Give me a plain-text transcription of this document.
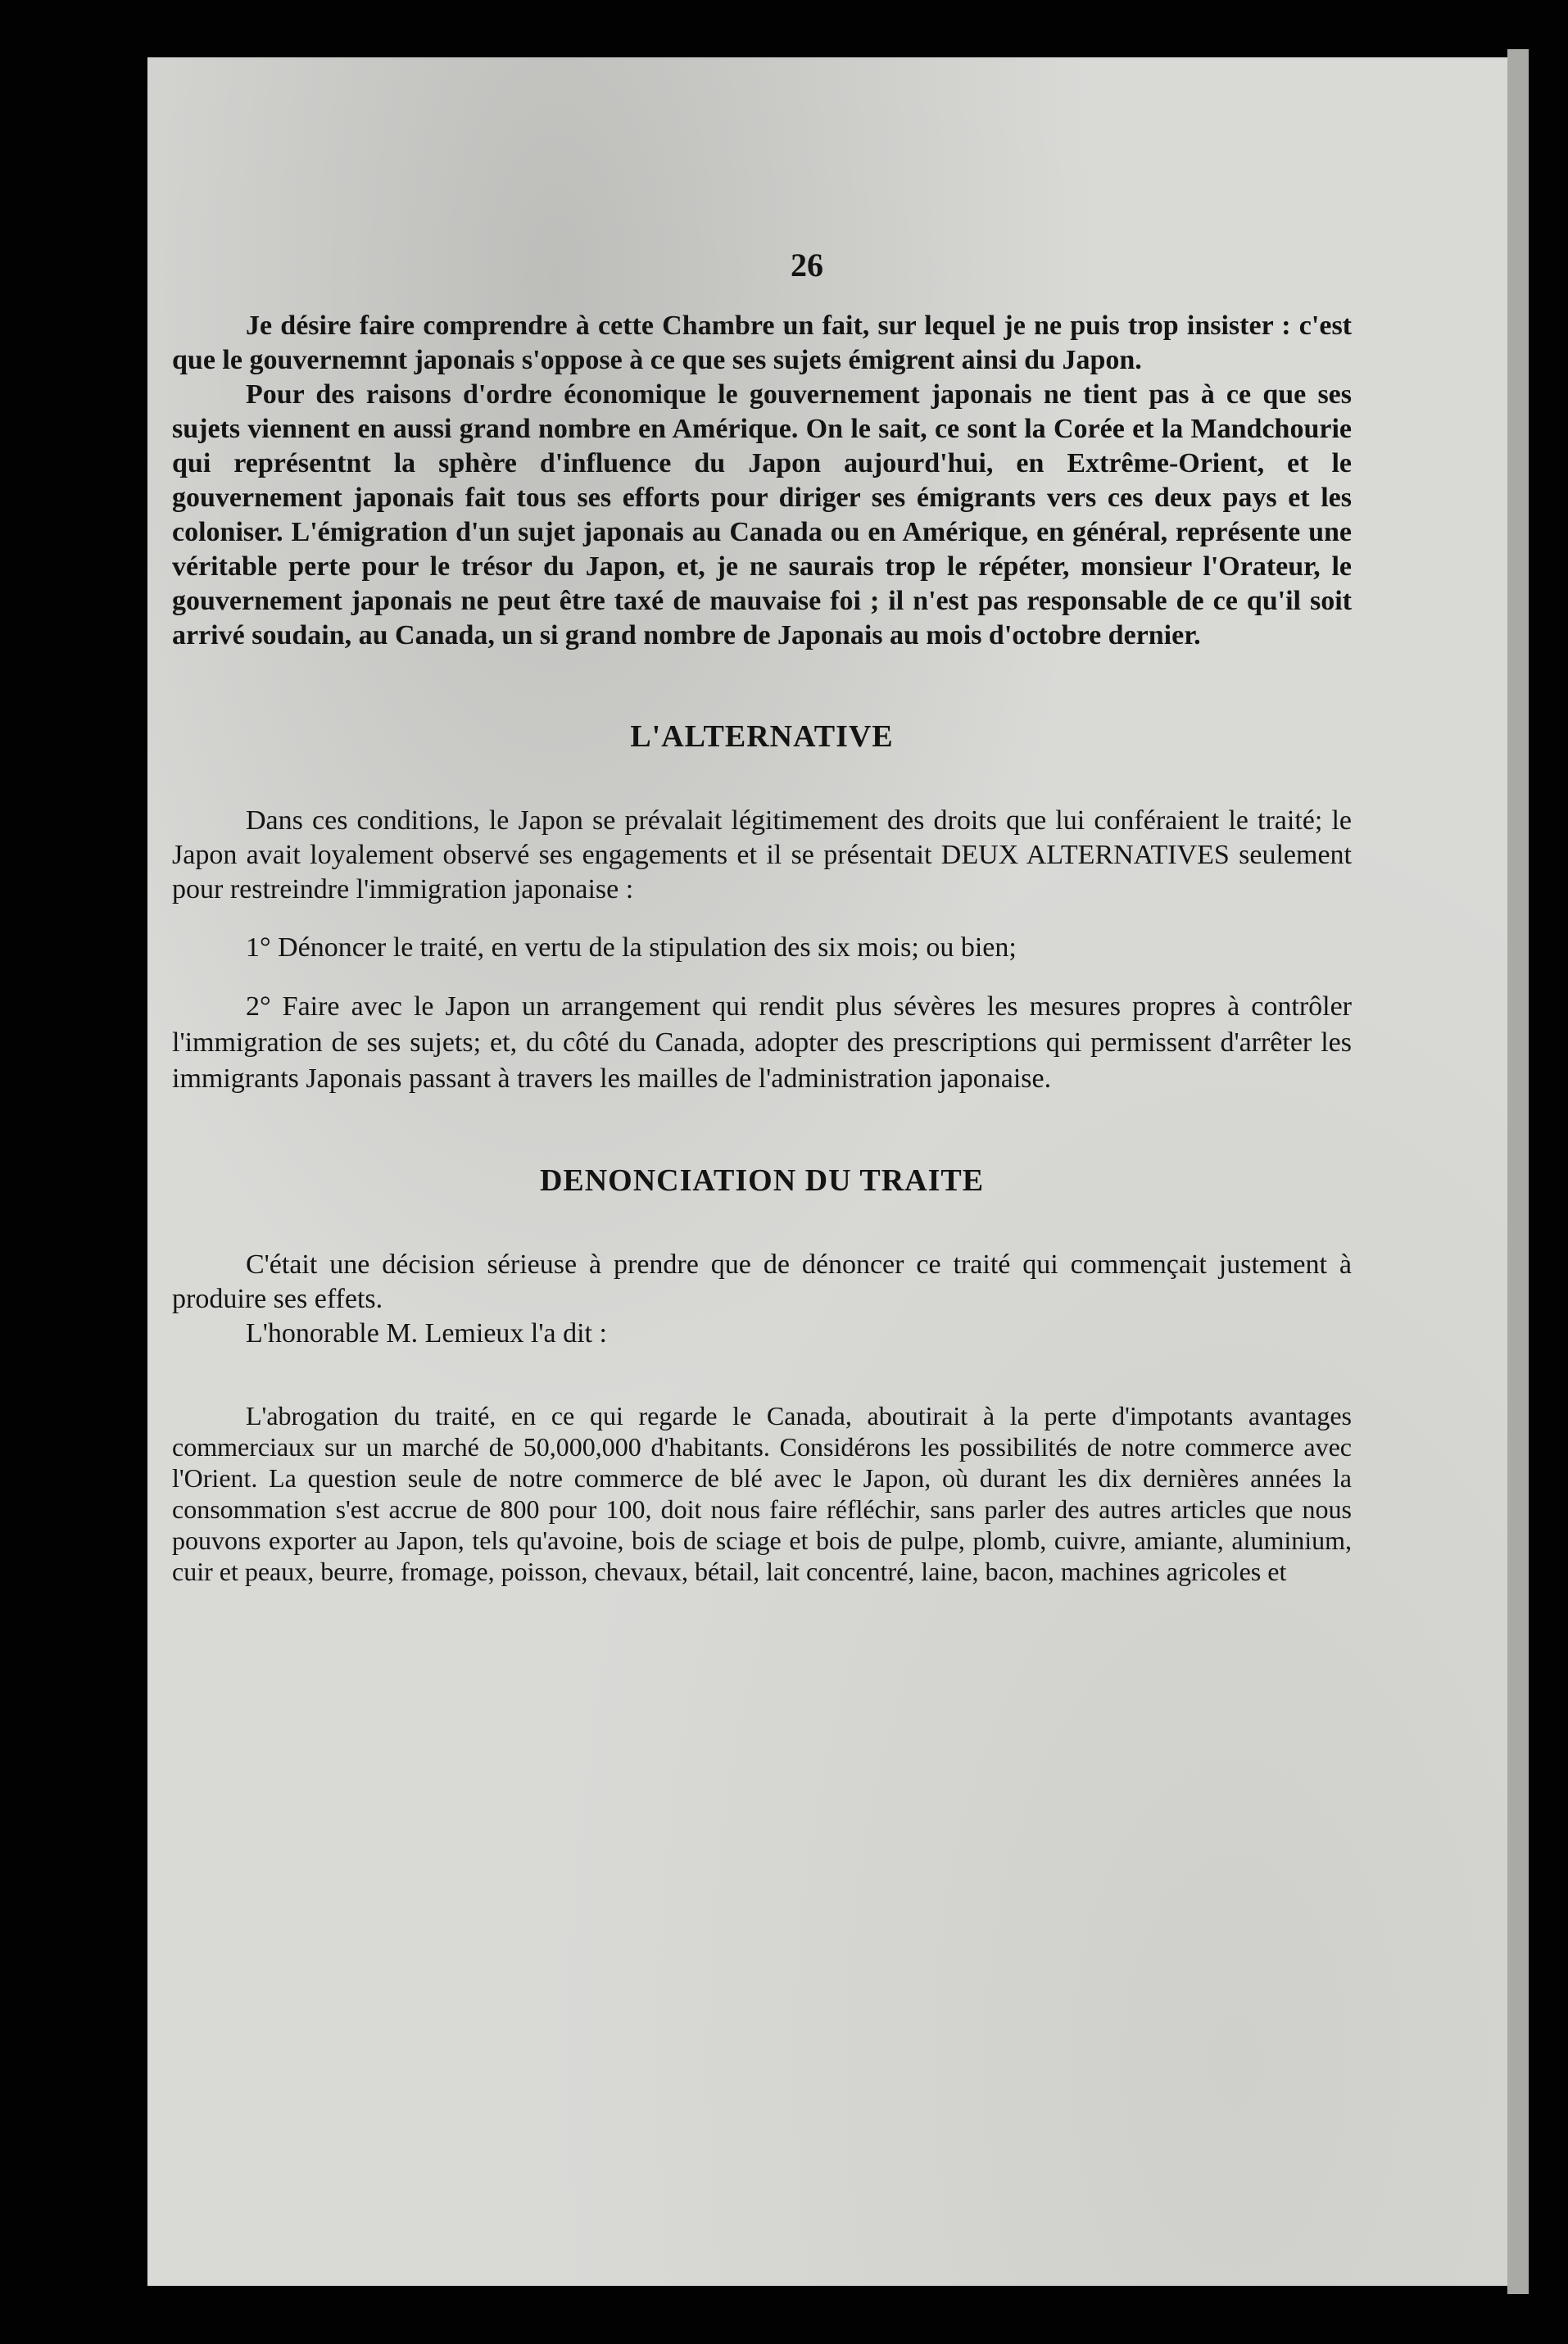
26

Je désire faire comprendre à cette Chambre un fait, sur lequel je ne puis trop insister : c'est que le gouvernemnt japonais s'oppose à ce que ses sujets émigrent ainsi du Japon.

Pour des raisons d'ordre économique le gouvernement japonais ne tient pas à ce que ses sujets viennent en aussi grand nombre en Amérique. On le sait, ce sont la Corée et la Mandchourie qui représentnt la sphère d'influence du Japon aujourd'hui, en Extrême-Orient, et le gouvernement japonais fait tous ses efforts pour diriger ses émigrants vers ces deux pays et les coloniser. L'émigration d'un sujet japonais au Canada ou en Amérique, en général, représente une véritable perte pour le trésor du Japon, et, je ne saurais trop le répéter, monsieur l'Orateur, le gouvernement japonais ne peut être taxé de mauvaise foi ; il n'est pas responsable de ce qu'il soit arrivé soudain, au Canada, un si grand nombre de Japonais au mois d'octobre dernier.

L'ALTERNATIVE

Dans ces conditions, le Japon se prévalait légitimement des droits que lui conféraient le traité; le Japon avait loyalement observé ses engagements et il se présentait DEUX ALTERNATIVES seulement pour restreindre l'immigration japonaise :

1° Dénoncer le traité, en vertu de la stipulation des six mois; ou bien;

2° Faire avec le Japon un arrangement qui rendit plus sévères les mesures propres à contrôler l'immigration de ses sujets; et, du côté du Canada, adopter des prescriptions qui permissent d'arrêter les immigrants Japonais passant à travers les mailles de l'administration japonaise.

DENONCIATION DU TRAITE

C'était une décision sérieuse à prendre que de dénoncer ce traité qui commençait justement à produire ses effets.

L'honorable M. Lemieux l'a dit :

L'abrogation du traité, en ce qui regarde le Canada, aboutirait à la perte d'impotants avantages commerciaux sur un marché de 50,000,000 d'habitants. Considérons les possibilités de notre commerce avec l'Orient. La question seule de notre commerce de blé avec le Japon, où durant les dix dernières années la consommation s'est accrue de 800 pour 100, doit nous faire réfléchir, sans parler des autres articles que nous pouvons exporter au Japon, tels qu'avoine, bois de sciage et bois de pulpe, plomb, cuivre, amiante, aluminium, cuir et peaux, beurre, fromage, poisson, chevaux, bétail, lait concentré, laine, bacon, machines agricoles et
